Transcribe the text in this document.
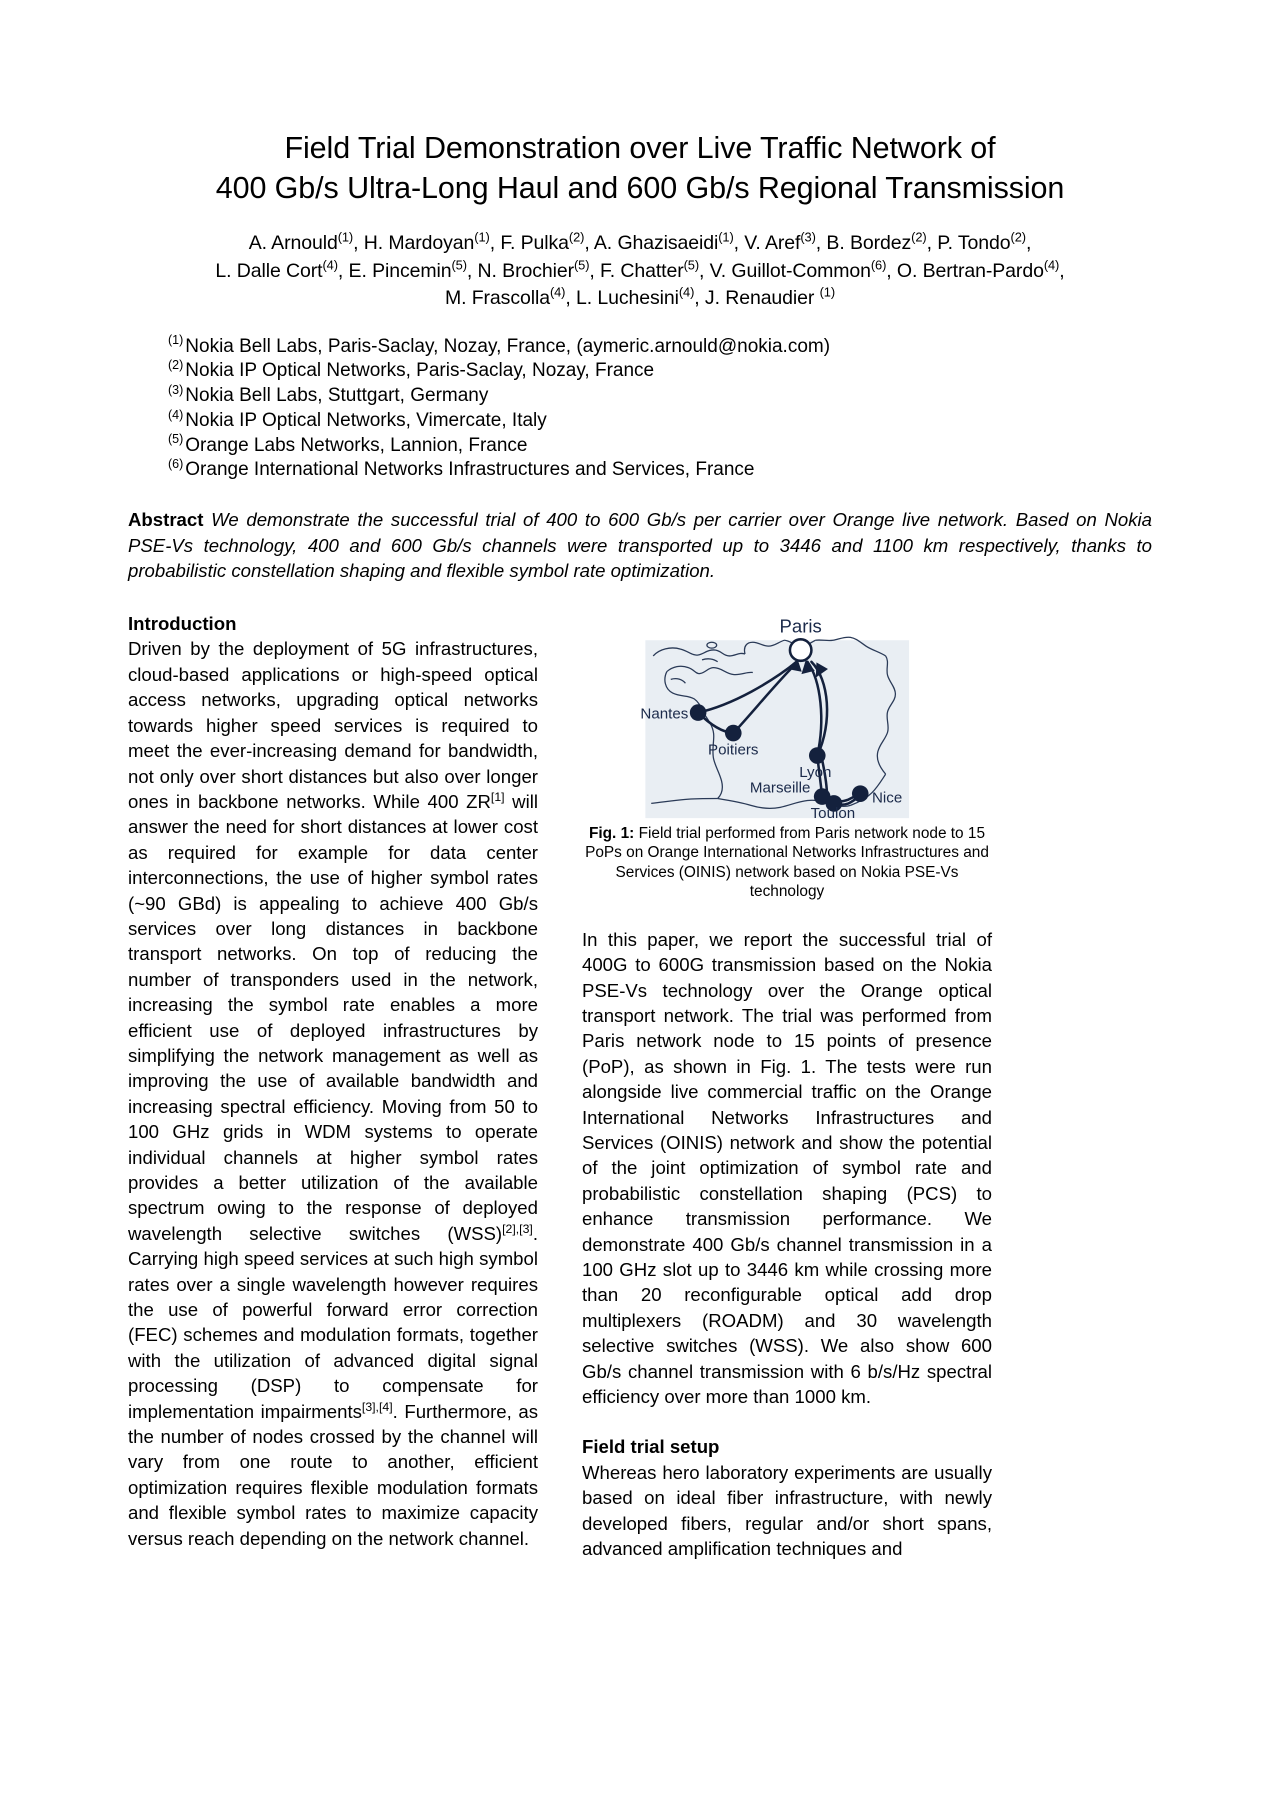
Field Trial Demonstration over Live Traffic Network of
400 Gb/s Ultra-Long Haul and 600 Gb/s Regional Transmission
A. Arnould$^{(1)}$, H. Mardoyan$^{(1)}$, F. Pulka$^{(2)}$, A. Ghazisaeidi$^{(1)}$, V. Aref$^{(3)}$, B. Bordez$^{(2)}$, P. Tondo$^{(2)}$,
L. Dalle Cort$^{(4)}$, E. Pincemin$^{(5)}$, N. Brochier$^{(5)}$, F. Chatter$^{(5)}$, V. Guillot-Common$^{(6)}$, O. Bertran-Pardo$^{(4)}$,
M. Frascolla$^{(4)}$, L. Luchesini$^{(4)}$, J. Renaudier $^{(1)}$
$^{(1)}$ Nokia Bell Labs, Paris-Saclay, Nozay, France, (aymeric.arnould@nokia.com)
$^{(2)}$ Nokia IP Optical Networks, Paris-Saclay, Nozay, France
$^{(3)}$ Nokia Bell Labs, Stuttgart, Germany
$^{(4)}$ Nokia IP Optical Networks, Vimercate, Italy
$^{(5)}$ Orange Labs Networks, Lannion, France
$^{(6)}$ Orange International Networks Infrastructures and Services, France
Abstract We demonstrate the successful trial of 400 to 600 Gb/s per carrier over Orange live network. Based on Nokia PSE-Vs technology, 400 and 600 Gb/s channels were transported up to 3446 and 1100 km respectively, thanks to probabilistic constellation shaping and flexible symbol rate optimization.
Introduction

Driven by the deployment of 5G infrastructures, cloud-based applications or high-speed optical access networks, upgrading optical networks towards higher speed services is required to meet the ever-increasing demand for bandwidth, not only over short distances but also over longer ones in backbone networks. While 400 ZR[1] will answer the need for short distances at lower cost as required for example for data center interconnections, the use of higher symbol rates (~90 GBd) is appealing to achieve 400 Gb/s services over long distances in backbone transport networks. On top of reducing the number of transponders used in the network, increasing the symbol rate enables a more efficient use of deployed infrastructures by simplifying the network management as well as improving the use of available bandwidth and increasing spectral efficiency. Moving from 50 to 100 GHz grids in WDM systems to operate individual channels at higher symbol rates provides a better utilization of the available spectrum owing to the response of deployed wavelength selective switches (WSS)[2],[3]. Carrying high speed services at such high symbol rates over a single wavelength however requires the use of powerful forward error correction (FEC) schemes and modulation formats, together with the utilization of advanced digital signal processing (DSP) to compensate for implementation impairments[3],[4]. Furthermore, as the number of nodes crossed by the channel will vary from one route to another, efficient optimization requires flexible modulation formats and flexible symbol rates to maximize capacity versus reach depending on the network channel.

Paris
Nantes
Poitiers
Lyon
Marseille
Toulon
Nice
Fig. 1: Field trial performed from Paris network node to 15 PoPs on Orange International Networks Infrastructures and Services (OINIS) network based on Nokia PSE-Vs technology

In this paper, we report the successful trial of 400G to 600G transmission based on the Nokia PSE-Vs technology over the Orange optical transport network. The trial was performed from Paris network node to 15 points of presence (PoP), as shown in Fig. 1. The tests were run alongside live commercial traffic on the Orange International Networks Infrastructures and Services (OINIS) network and show the potential of the joint optimization of symbol rate and probabilistic constellation shaping (PCS) to enhance transmission performance. We demonstrate 400 Gb/s channel transmission in a 100 GHz slot up to 3446 km while crossing more than 20 reconfigurable optical add drop multiplexers (ROADM) and 30 wavelength selective switches (WSS). We also show 600 Gb/s channel transmission with 6 b/s/Hz spectral efficiency over more than 1000 km.

Field trial setup

Whereas hero laboratory experiments are usually based on ideal fiber infrastructure, with newly developed fibers, regular and/or short spans, advanced amplification techniques and
